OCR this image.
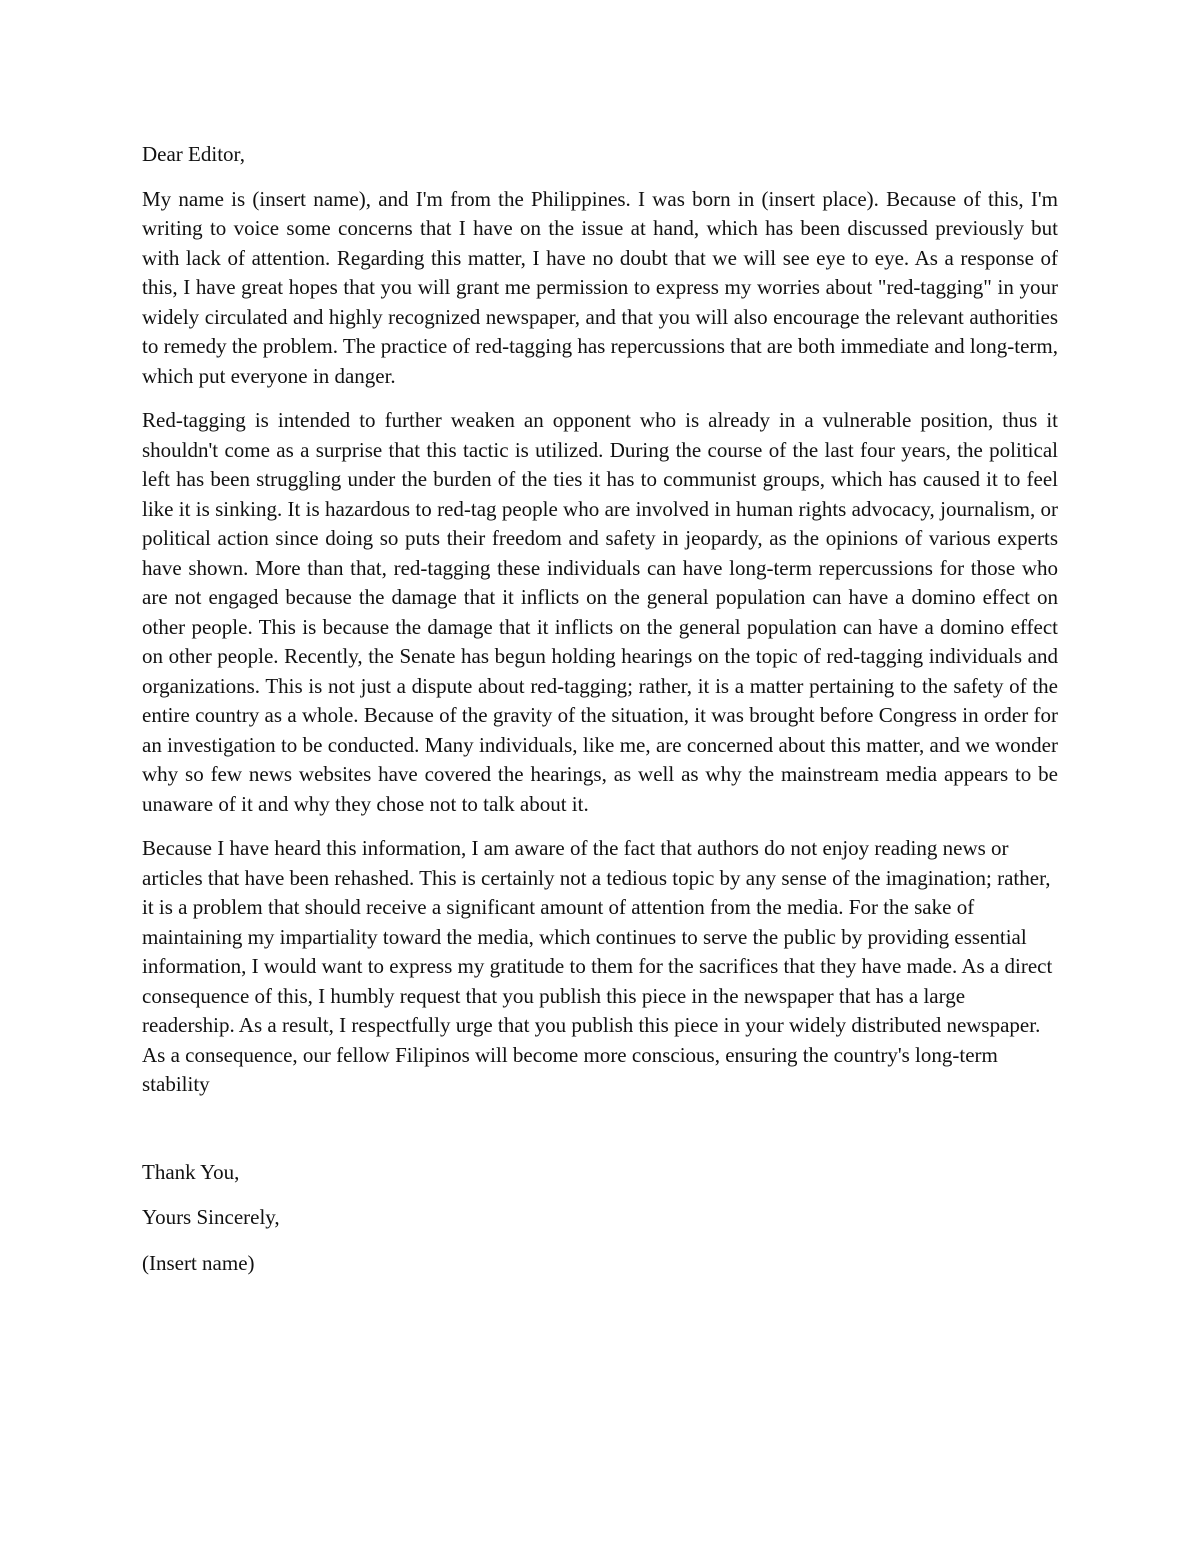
Dear Editor,

My name is (insert name), and I'm from the Philippines. I was born in (insert place). Because of this, I'm writing to voice some concerns that I have on the issue at hand, which has been discussed previously but with lack of attention. Regarding this matter, I have no doubt that we will see eye to eye. As a response of this, I have great hopes that you will grant me permission to express my worries about "red-tagging" in your widely circulated and highly recognized newspaper, and that you will also encourage the relevant authorities to remedy the problem. The practice of red-tagging has repercussions that are both immediate and long-term, which put everyone in danger.

Red-tagging is intended to further weaken an opponent who is already in a vulnerable position, thus it shouldn't come as a surprise that this tactic is utilized. During the course of the last four years, the political left has been struggling under the burden of the ties it has to communist groups, which has caused it to feel like it is sinking. It is hazardous to red-tag people who are involved in human rights advocacy, journalism, or political action since doing so puts their freedom and safety in jeopardy, as the opinions of various experts have shown. More than that, red-tagging these individuals can have long-term repercussions for those who are not engaged because the damage that it inflicts on the general population can have a domino effect on other people. This is because the damage that it inflicts on the general population can have a domino effect on other people. Recently, the Senate has begun holding hearings on the topic of red-tagging individuals and organizations. This is not just a dispute about red-tagging; rather, it is a matter pertaining to the safety of the entire country as a whole. Because of the gravity of the situation, it was brought before Congress in order for an investigation to be conducted. Many individuals, like me, are concerned about this matter, and we wonder why so few news websites have covered the hearings, as well as why the mainstream media appears to be unaware of it and why they chose not to talk about it.

Because I have heard this information, I am aware of the fact that authors do not enjoy reading news or articles that have been rehashed. This is certainly not a tedious topic by any sense of the imagination; rather, it is a problem that should receive a significant amount of attention from the media. For the sake of maintaining my impartiality toward the media, which continues to serve the public by providing essential information, I would want to express my gratitude to them for the sacrifices that they have made. As a direct consequence of this, I humbly request that you publish this piece in the newspaper that has a large readership. As a result, I respectfully urge that you publish this piece in your widely distributed newspaper. As a consequence, our fellow Filipinos will become more conscious, ensuring the country's long-term stability

Thank You,

Yours Sincerely,

(Insert name)
